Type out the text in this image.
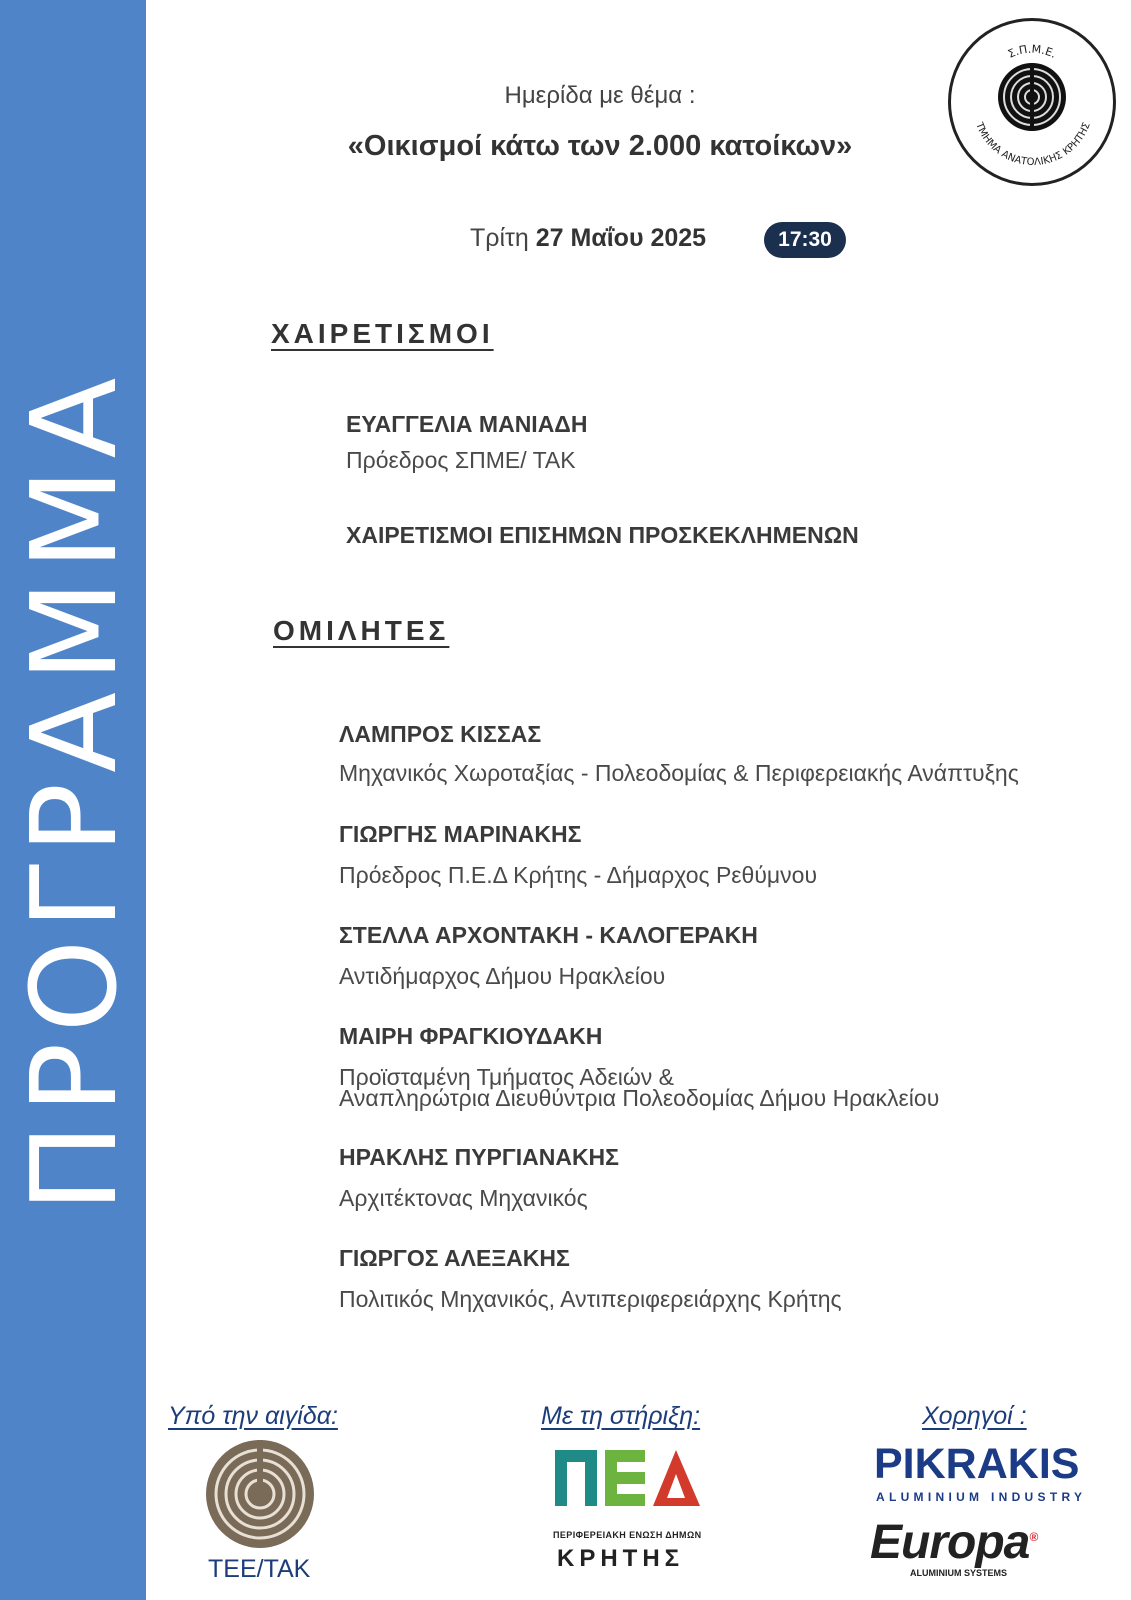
ΠΡΟΓΡΑΜΜΑ
Σ.Π.Μ.Ε.
ΤΜΗΜΑ ΑΝΑΤΟΛΙΚΗΣ ΚΡΗΤΗΣ
Ημερίδα με θέμα :
«Οικισμοί κάτω των 2.000 κατοίκων»
Τρίτη 27 Μαΐου 2025	17:30
ΧΑΙΡΕΤΙΣΜΟΙ
ΕΥΑΓΓΕΛΙΑ ΜΑΝΙΑΔΗ
Πρόεδρος ΣΠΜΕ/ ΤΑΚ
ΧΑΙΡΕΤΙΣΜΟΙ ΕΠΙΣΗΜΩΝ ΠΡΟΣΚΕΚΛΗΜΕΝΩΝ
ΟΜΙΛΗΤΕΣ
ΛΑΜΠΡΟΣ ΚΙΣΣΑΣ
Μηχανικός Χωροταξίας - Πολεοδομίας & Περιφερειακής Ανάπτυξης
ΓΙΩΡΓΗΣ ΜΑΡΙΝΑΚΗΣ
Πρόεδρος Π.Ε.Δ Κρήτης - Δήμαρχος Ρεθύμνου
ΣΤΕΛΛΑ ΑΡΧΟΝΤΑΚΗ - ΚΑΛΟΓΕΡΑΚΗ
Αντιδήμαρχος Δήμου Ηρακλείου
ΜΑΙΡΗ ΦΡΑΓΚΙΟΥΔΑΚΗ
Προϊσταμένη Τμήματος Αδειών &
Αναπληρώτρια Διευθύντρια Πολεοδομίας Δήμου Ηρακλείου
ΗΡΑΚΛΗΣ ΠΥΡΓΙΑΝΑΚΗΣ
Αρχιτέκτονας Μηχανικός
ΓΙΩΡΓΟΣ ΑΛΕΞΑΚΗΣ
Πολιτικός Μηχανικός, Αντιπεριφερειάρχης Κρήτης
Υπό την αιγίδα:
ΤΕΕ/ΤΑΚ
Με τη στήριξη:
ΠΕΡΙΦΕΡΕΙΑΚΗ ΕΝΩΣΗ ΔΗΜΩΝ
ΚΡΗΤΗΣ
Χορηγοί :
PIKRAKIS
ALUMINIUM INDUSTRY
Europa®
ALUMINIUM SYSTEMS
